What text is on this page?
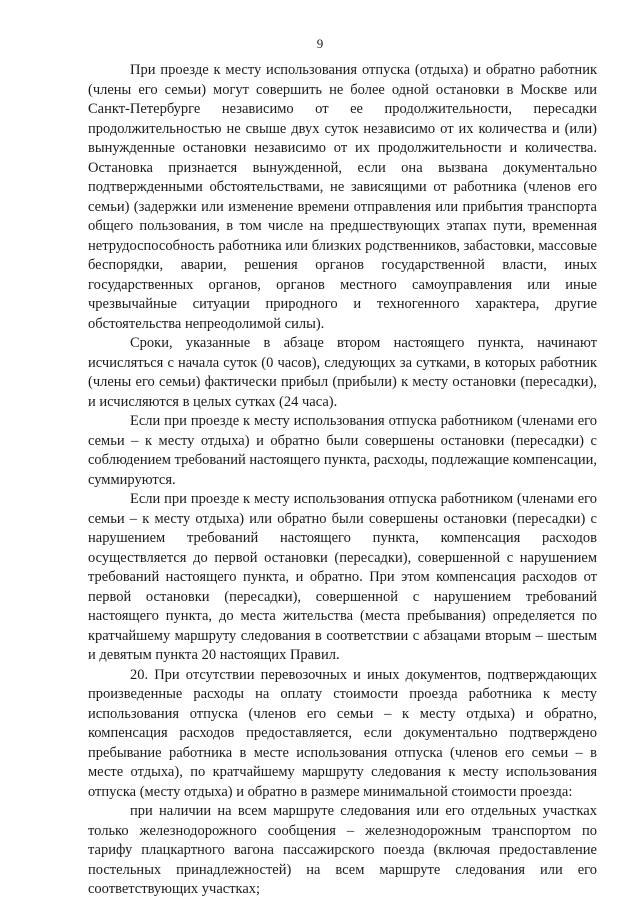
9

При проезде к месту использования отпуска (отдыха) и обратно работник (члены его семьи) могут совершить не более одной остановки в Москве или Санкт-Петербурге независимо от ее продолжительности, пересадки продолжительностью не свыше двух суток независимо от их количества и (или) вынужденные остановки независимо от их продолжительности и количества. Остановка признается вынужденной, если она вызвана документально подтвержденными обстоятельствами, не зависящими от работника (членов его семьи) (задержки или изменение времени отправления или прибытия транспорта общего пользования, в том числе на предшествующих этапах пути, временная нетрудоспособность работника или близких родственников, забастовки, массовые беспорядки, аварии, решения органов государственной власти, иных государственных органов, органов местного самоуправления или иные чрезвычайные ситуации природного и техногенного характера, другие обстоятельства непреодолимой силы).

Сроки, указанные в абзаце втором настоящего пункта, начинают исчисляться с начала суток (0 часов), следующих за сутками, в которых работник (члены его семьи) фактически прибыл (прибыли) к месту остановки (пересадки), и исчисляются в целых сутках (24 часа).

Если при проезде к месту использования отпуска работником (членами его семьи – к месту отдыха) и обратно были совершены остановки (пересадки) с соблюдением требований настоящего пункта, расходы, подлежащие компенсации, суммируются.

Если при проезде к месту использования отпуска работником (членами его семьи – к месту отдыха) или обратно были совершены остановки (пересадки) с нарушением требований настоящего пункта, компенсация расходов осуществляется до первой остановки (пересадки), совершенной с нарушением требований настоящего пункта, и обратно. При этом компенсация расходов от первой остановки (пересадки), совершенной с нарушением требований настоящего пункта, до места жительства (места пребывания) определяется по кратчайшему маршруту следования в соответствии с абзацами вторым – шестым и девятым пункта 20 настоящих Правил.

20. При отсутствии перевозочных и иных документов, подтверждающих произведенные расходы на оплату стоимости проезда работника к месту использования отпуска (членов его семьи – к месту отдыха) и обратно, компенсация расходов предоставляется, если документально подтверждено пребывание работника в месте использования отпуска (членов его семьи – в месте отдыха), по кратчайшему маршруту следования к месту использования отпуска (месту отдыха) и обратно в размере минимальной стоимости проезда:

при наличии на всем маршруте следования или его отдельных участках только железнодорожного сообщения – железнодорожным транспортом по тарифу плацкартного вагона пассажирского поезда (включая предоставление постельных принадлежностей) на всем маршруте следования или его соответствующих участках;
